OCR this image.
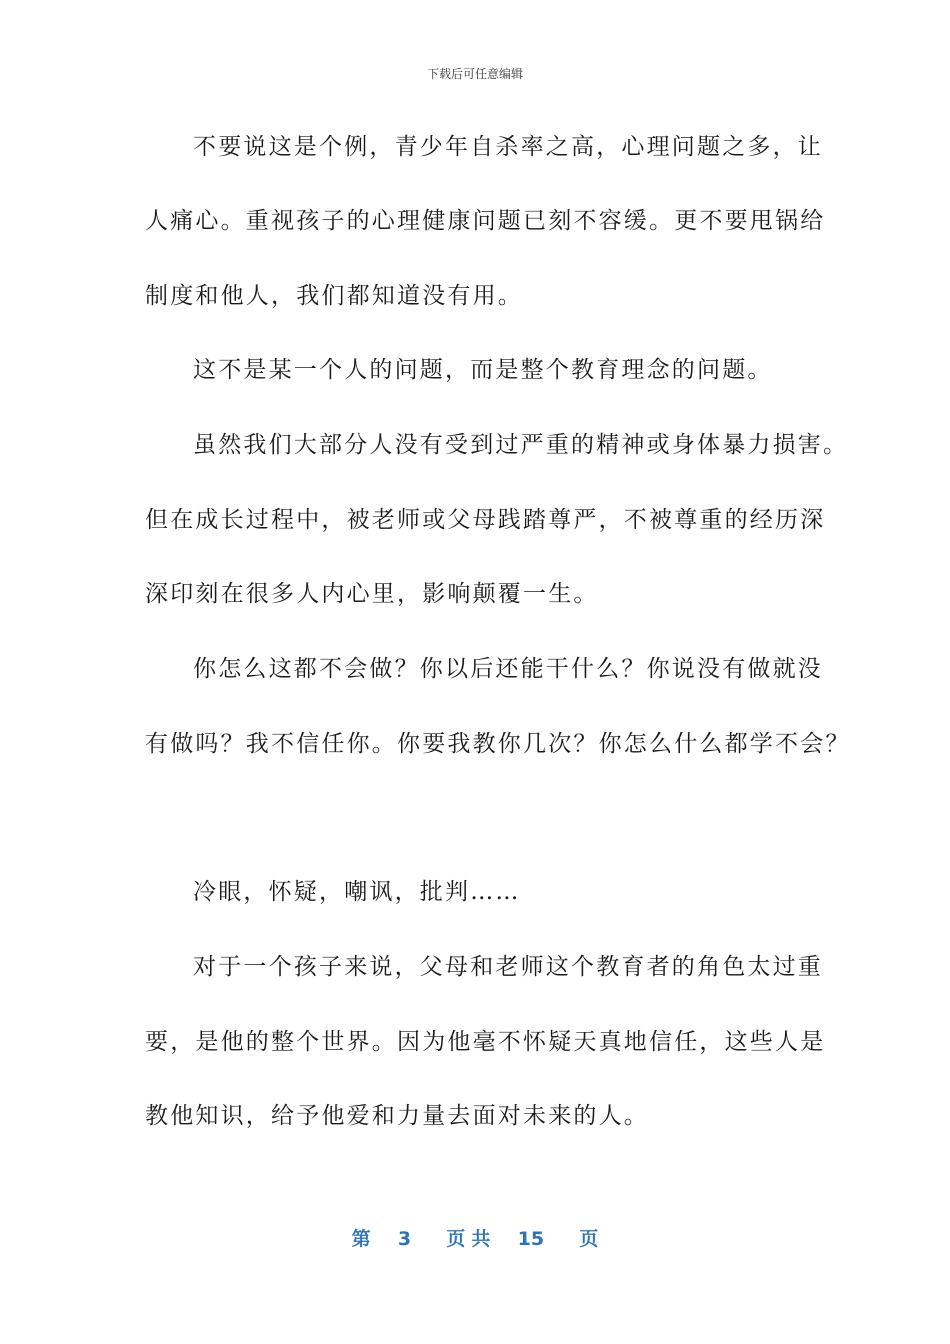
下载后可任意编辑
不要说这是个例，青少年自杀率之高，心理问题之多，让
人痛心。重视孩子的心理健康问题已刻不容缓。更不要甩锅给
制度和他人，我们都知道没有用。
这不是某一个人的问题，而是整个教育理念的问题。
虽然我们大部分人没有受到过严重的精神或身体暴力损害。
但在成长过程中，被老师或父母践踏尊严，不被尊重的经历深
深印刻在很多人内心里，影响颠覆一生。
你怎么这都不会做？你以后还能干什么？你说没有做就没
有做吗？我不信任你。你要我教你几次？你怎么什么都学不会？
冷眼，怀疑，嘲讽，批判……
对于一个孩子来说，父母和老师这个教育者的角色太过重
要，是他的整个世界。因为他毫不怀疑天真地信任，这些人是
教他知识，给予他爱和力量去面对未来的人。
第 3 页共 15 页
